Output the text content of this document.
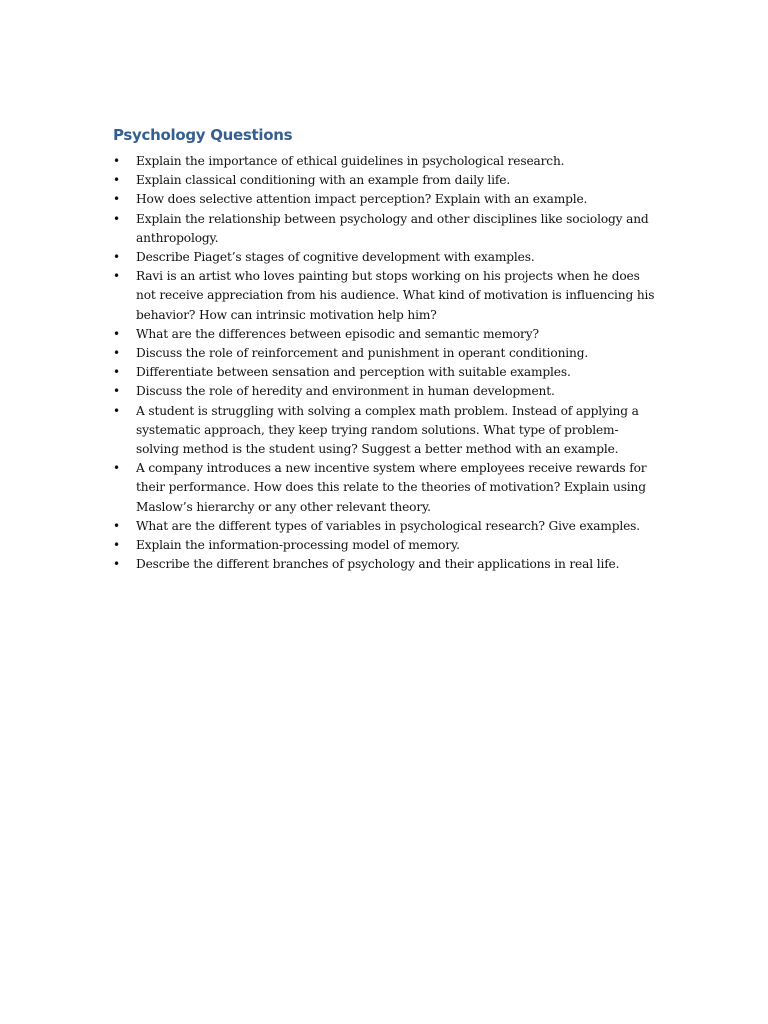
Psychology Questions
• Explain the importance of ethical guidelines in psychological research.
• Explain classical conditioning with an example from daily life.
• How does selective attention impact perception? Explain with an example.
• Explain the relationship between psychology and other disciplines like sociology and anthropology.
• Describe Piaget’s stages of cognitive development with examples.
• Ravi is an artist who loves painting but stops working on his projects when he does not receive appreciation from his audience. What kind of motivation is influencing his behavior? How can intrinsic motivation help him?
• What are the differences between episodic and semantic memory?
• Discuss the role of reinforcement and punishment in operant conditioning.
• Differentiate between sensation and perception with suitable examples.
• Discuss the role of heredity and environment in human development.
• A student is struggling with solving a complex math problem. Instead of applying a systematic approach, they keep trying random solutions. What type of problem-solving method is the student using? Suggest a better method with an example.
• A company introduces a new incentive system where employees receive rewards for their performance. How does this relate to the theories of motivation? Explain using Maslow’s hierarchy or any other relevant theory.
• What are the different types of variables in psychological research? Give examples.
• Explain the information-processing model of memory.
• Describe the different branches of psychology and their applications in real life.
